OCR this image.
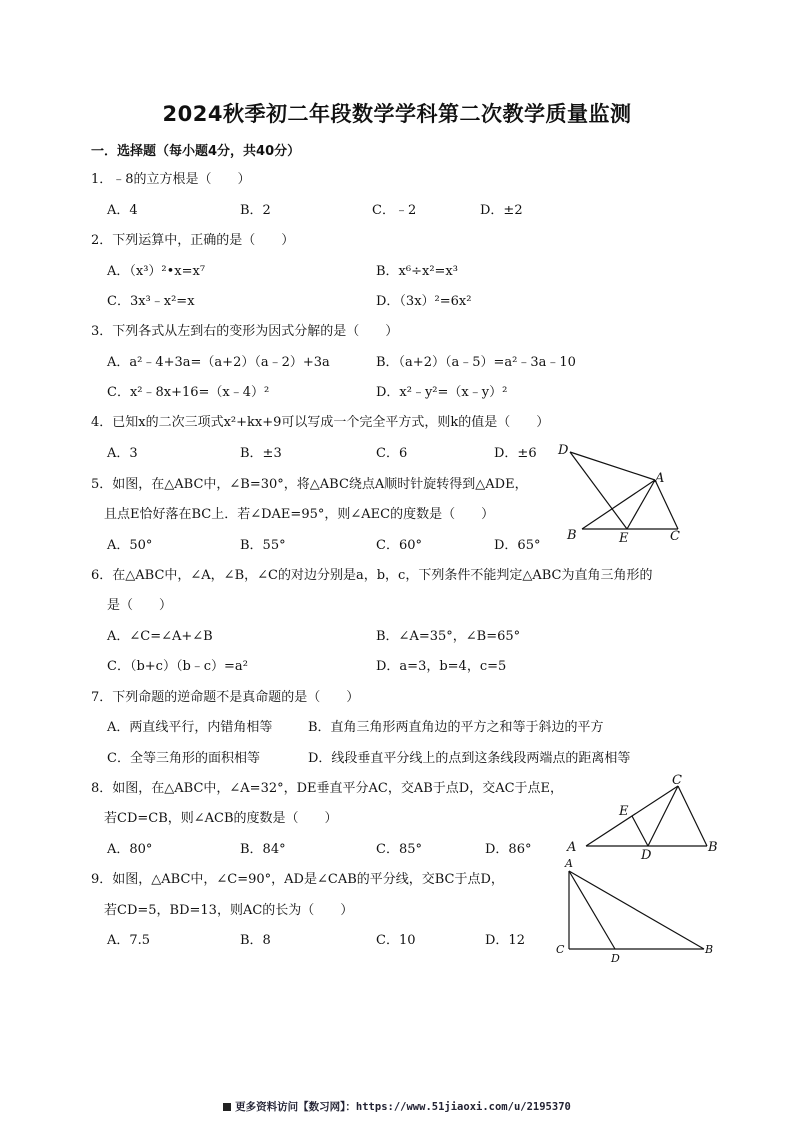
2024秋季初二年段数学学科第二次教学质量监测
一．选择题（每小题4分，共40分）
1．﹣8的立方根是（　　）
A．4	B．2	C．﹣2	D．±2
2．下列运算中，正确的是（　　）
A．（x³）²•x=x⁷	B．x⁶÷x²=x³
C．3x³﹣x²=x	D．（3x）²=6x²
3．下列各式从左到右的变形为因式分解的是（　　）
A．a²﹣4+3a=（a+2）（a﹣2）+3a	B．（a+2）（a﹣5）=a²﹣3a﹣10
C．x²﹣8x+16=（x﹣4）²	D．x²﹣y²=（x﹣y）²
4．已知x的二次三项式x²+kx+9可以写成一个完全平方式，则k的值是（　　）
A．3	B．±3	C．6	D．±6
5．如图，在△ABC中，∠B=30°，将△ABC绕点A顺时针旋转得到△ADE，
且点E恰好落在BC上．若∠DAE=95°，则∠AEC的度数是（　　）
A．50°	B．55°	C．60°	D．65°
6．在△ABC中，∠A，∠B，∠C的对边分别是a，b，c，下列条件不能判定△ABC为直角三角形的
是（　　）
A．∠C=∠A+∠B	B．∠A=35°，∠B=65°
C．（b+c）（b﹣c）=a²	D．a=3，b=4，c=5
7．下列命题的逆命题不是真命题的是（　　）
A．两直线平行，内错角相等	B．直角三角形两直角边的平方之和等于斜边的平方
C．全等三角形的面积相等	D．线段垂直平分线上的点到这条线段两端点的距离相等
8．如图，在△ABC中，∠A=32°，DE垂直平分AC，交AB于点D，交AC于点E，
若CD=CB，则∠ACB的度数是（　　）
A．80°	B．84°	C．85°	D．86°
9．如图，△ABC中，∠C=90°，AD是∠CAB的平分线，交BC于点D，
若CD=5，BD=13，则AC的长为（　　）
A．7.5	B．8	C．10	D．12
D
A
B	E	C
C
E
A
D
B
A
C
D
B
更多资料访问【数习网】：https://www.51jiaoxi.com/u/2195370
